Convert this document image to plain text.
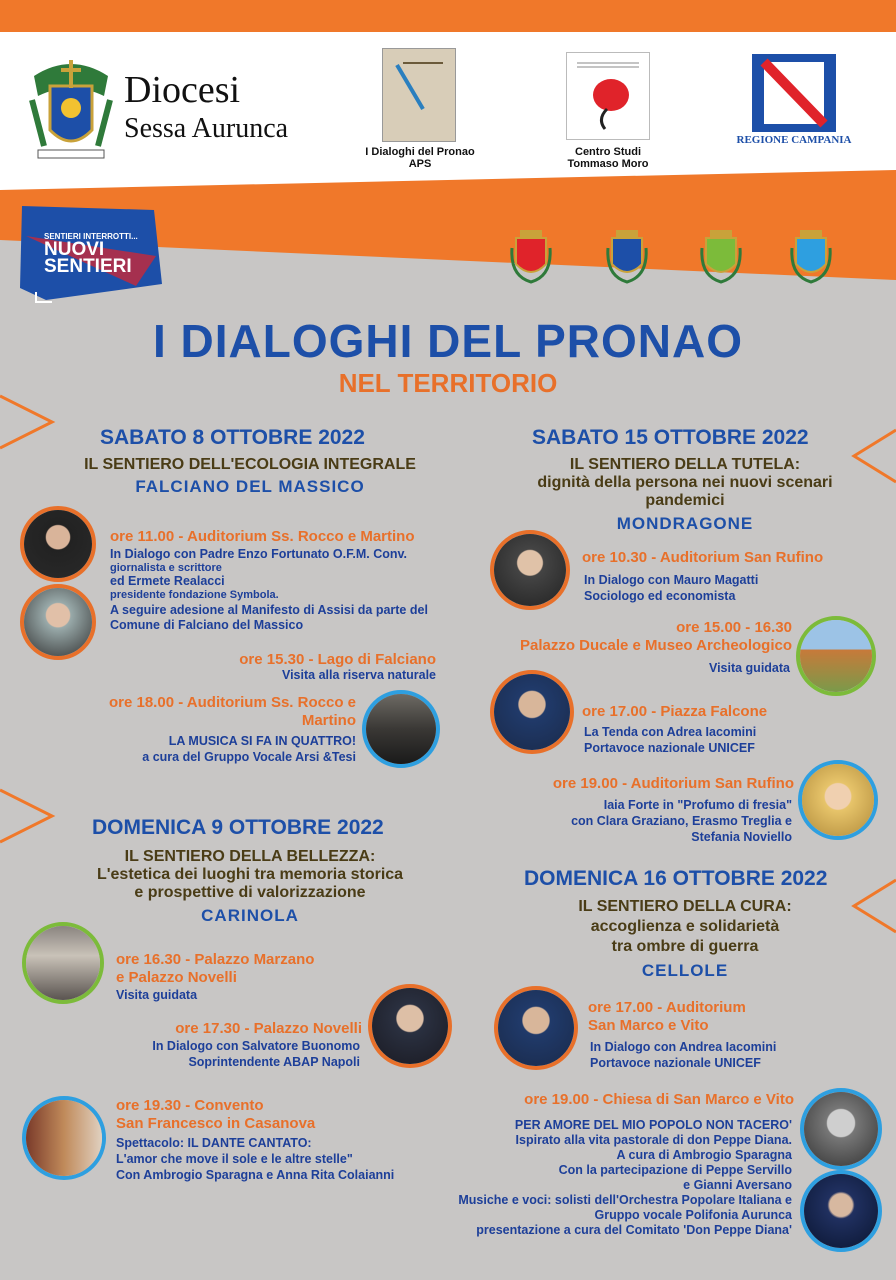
Diocesi
Sessa Aurunca
I Dialoghi del Pronao
APS
Centro Studi
Tommaso Moro
REGIONE CAMPANIA
SENTIERI INTERROTTI...
NUOVI
SENTIERI
I DIALOGHI DEL PRONAO
NEL TERRITORIO
SABATO 8 OTTOBRE 2022
IL SENTIERO DELL'ECOLOGIA INTEGRALE
FALCIANO DEL MASSICO
ore 11.00 - Auditorium Ss. Rocco e Martino
In Dialogo con Padre Enzo Fortunato O.F.M. Conv.
giornalista e scrittore
ed Ermete Realacci
presidente fondazione Symbola.
A seguire adesione al Manifesto di Assisi da parte del
Comune di Falciano del Massico
ore 15.30 - Lago di Falciano
Visita alla riserva naturale
ore 18.00 - Auditorium Ss. Rocco e
Martino
LA MUSICA SI FA IN QUATTRO!
a cura del Gruppo Vocale Arsi &Tesi
SABATO 15 OTTOBRE 2022
IL SENTIERO DELLA TUTELA:
dignità della persona nei nuovi scenari
pandemici
MONDRAGONE
ore 10.30 - Auditorium San Rufino
In Dialogo con Mauro Magatti
Sociologo ed economista
ore 15.00 - 16.30
Palazzo Ducale e Museo Archeologico
Visita guidata
ore 17.00 - Piazza Falcone
La Tenda con Adrea Iacomini
Portavoce nazionale UNICEF
ore 19.00 - Auditorium San Rufino
Iaia Forte in "Profumo di fresia"
con Clara Graziano, Erasmo Treglia e
Stefania Noviello
DOMENICA 9 OTTOBRE 2022
IL SENTIERO DELLA BELLEZZA:
L'estetica dei luoghi tra memoria storica
e prospettive di valorizzazione
CARINOLA
ore 16.30 - Palazzo Marzano
e Palazzo Novelli
Visita guidata
ore 17.30 - Palazzo Novelli
In Dialogo con Salvatore Buonomo
Soprintendente ABAP Napoli
ore 19.30 - Convento
San Francesco in Casanova
Spettacolo: IL DANTE CANTATO:
L'amor che move il sole e le altre stelle"
Con Ambrogio Sparagna e Anna Rita Colaianni
DOMENICA 16 OTTOBRE 2022
IL SENTIERO DELLA CURA:
accoglienza e solidarietà
tra ombre di guerra
CELLOLE
ore 17.00 - Auditorium
San Marco e Vito
In Dialogo con Andrea Iacomini
Portavoce nazionale UNICEF
ore 19.00 - Chiesa di San Marco e Vito
PER AMORE DEL MIO POPOLO NON TACERO'
Ispirato alla vita pastorale di don Peppe Diana.
A cura di Ambrogio Sparagna
Con la partecipazione di Peppe Servillo
e Gianni Aversano
Musiche e voci: solisti dell'Orchestra Popolare Italiana e
Gruppo vocale Polifonia Aurunca
presentazione a cura del Comitato 'Don Peppe Diana'
